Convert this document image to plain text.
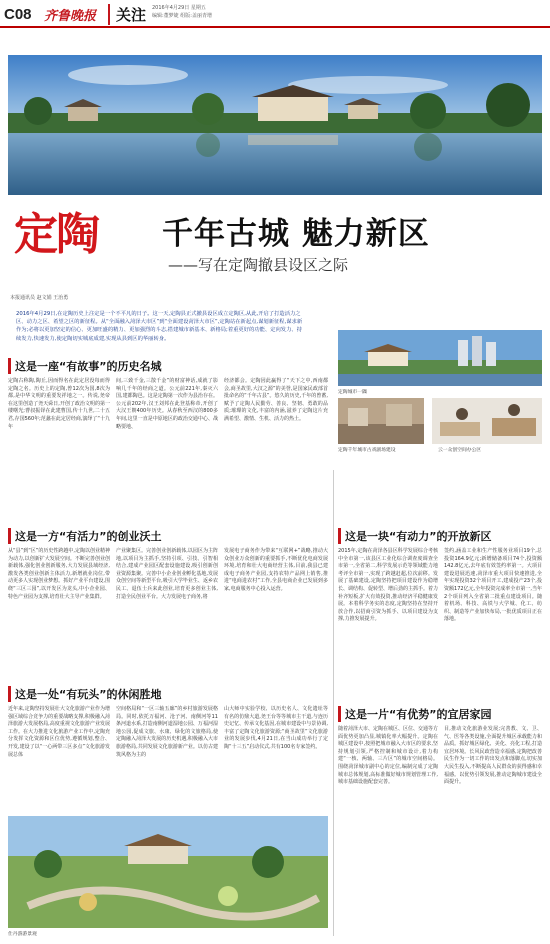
C08 齐鲁晚报	关注 2016年4月29日 星期五
编辑:董梦婕 组版:盖丽青增
定陶 千年古城 魅力新区
——写在定陶撤县设区之际
本报通讯员 赵文娟 王治勇
2016年4月29日,在定陶历史上注定是一个不平凡的日子。这一天,定陶县正式撤县设区成立定陶区,从此,开启了打造活力之区、动力之区、希望之区的新征程。从“全面融入菏泽大市区”到“全面建设菏泽大市区”,定陶站在新起点,谋划新征程,谋求新作为;必将以更加坚定的信心、更加旺盛的精力、更加强烈的斗志,搭建城市新基本、新格局;着重更好的功能、定向发力、持续发力,快速发力,使定陶切实城底成建,实现从县到区的华丽转身。
定陶城市一隅
定陶千年城市古戏剧场建设	云一众创空间办公区
这是一座“有故事”的历史名城
定陶古称陶,陶丘,因而得名在此定居没每而得定陶之名。历史上的定陶,曾12次为国,8次为都,是中华文明的重要发祥地之一。传说,尧帝在这里创造了尧天舜日,开创了政治文明的第一缕曙光;曹叔振铎在此建曹国,传十九世,二十五君,存国560年;范蠡在此定居经商,演绎了“十九年
间,三致千金,三散千金”的财富神话,成就了影响几千年的经商之道。公元前221年,秦灭六国,建都陶邑。这是定陶第一次作为县治存在。公元前202年,汉王刘邦在此登基称帝,开创了大汉王朝400年历史。从春秋至西汉的800多年间,这里一直是中原地区的政治交通中心、战略要地、
经济都会。定陶因此赢得了“天下之中,西南都会,商圣故里,大汉之源”的美誉,是国家民政部首批命名的“千年古县”。悠久的历史,千年的曾蓄,赋予了定陶人民勤劳、善良、坚韧、勇敢的品质;璀璨的文化,丰富的内涵,滋养了定陶这片充满希望、激情、生机、活力的热土。
这是一方“有活力”的创业沃土
从“县”到“区”的历史性跨越中,定陶以创业精神为动力,以创新扩大发展空间。不断完善创业创新载体,强化创业创新服务,大力发展县域经济,激发各类创业创新主体活力,新增就业岗位,带动更多人实现创业梦想。抓好产业平台建设,围绕“三区三园”,以开发区为龙头,中小企业园、特色产业园为支撑,培育壮大主导产业集群。
产业聚集区。完善创业创新载体,以园区为主阵地,以项目为主抓手,坚持引项、引技、引智相结合,建成产业园区配套设施建设,吸引创新创业资源集聚。完善中小企业创业孵化基地,发展众创空间等新型平台,吸引大学毕业生、返乡农民工、退伍士兵来此创业,培育更多创业主体,打造全民创业平台。大力发展电子商务,将
发展电子商务作为带来“互联网+”战略,推动大众创业万众创新的重要抓手,不断优化电商发展环境,培育和壮大电商经营主体,目前,我县已建成电子商务产业园,支持农特产品网上销售,推进“电商进农村”工作,全县电商企业已发展到多家,电商服务中心投入运营。
这是一处“有玩头”的休闲胜地
近年来,定陶坚持发展壮大文化旅游产业作为增强区域综合竞争力的重要战略支撑,积极融入菏泽旅游大发展格局,高度重视文化旅游产业发展工作。在大力推进文化旅游产业工作中,定陶充分发挥文化资源和区位优势,遵循规划,整合、开发,建设了以“一心两带三区多点”文化旅游发展总体
空间格局和“一区三轴五廊”的乡村旅游发展格局。同时,依托万福河、沧子河、南侧河等11条河道水系,打造南侧河道湿地公园、万福河湿地公园,促成文旅、水康、绿化的文旅格局,使定陶融入菏泽大发展的历史机遇,积极融入大市旅游格局,共同发展文化旅游新产业。以仿古建筑风格为主的
山大师中实验学校、以历史名人、文化遗址等有名的仿鼎大道,尧王台等等城市主干道,与连历史记忆、传承文化基因,在城市建设中与景协调,丰富了定陶文化旅游资源;“商圣故里”文化旅游业的发展步伐,4月21日,在当山成功举行了定陶“十三五”启动仪式,共有100名专家签约。
仕丹游游景观
这是一块“有动力”的开放新区
2015年,定陶在菏泽各县区科学发展综合考核中全市第一,该县区工业化综合调查度调查全市第一,全省第二,科学发展示范等领域能力地考评全市第一,实现了跨越赶超,位次前移。发展了基础建设,定陶坚持把项目建设作为稳增长、调结构、促转型、增后劲的主抓手。着力补齐短板,扩大有效投资,推动经济平稳健康发展。本着科学务实的态度,定陶坚持在坚持开放合作,以招商引资为抓手、以项目建设为支撑,力推发展提升。
签约,涵盖工业和生产性服务业项目19个,总投资164.9亿元;新增储备项目74个,投资额142.8亿元,去年底有效签约率第一。大项目建设进展迅速,菏泽市重大项目快速推进,全年实现投资32个项目开工,建成投产23个,投资额172亿元,全年投资完成率全市第一,当年2个项目列入全省第二批重点建设项目。随着机场、科技、高铁与大学城、化工、纺织、制造等产业加快布局,一批优质项目正在落地。
这是一片“有优势”的宜居家园
随着菏泽大市、定陶在城区、区位、交通等方面优势更加凸显,城镇化率大幅提升。定陶在城区建设中,按照把城市融入大市区的要求,坚持规划引领,严格控制和城市设计,着力构建“一核、两轴、三片区”的城市空间格局。围绕菏泽城市副中心的定位,编制完成了定陶城市总体规划,高标准做好城市规划管理工作,城市基础设施配套完善。
目,推动文化旅游业发展;完善教、文、卫、气、医等各类设施,全面提升城区承载能力和品质。抓好城区绿化、美化、亮化工程,打造宜居环境。长风民政营造幸福感,定陶把改善民生作为一切工作的出发点和落脚点,切实加大民生投入,不断提高人民群众的获得感和幸福感。以优势引领发展,推动定陶城市建设全面提升。
